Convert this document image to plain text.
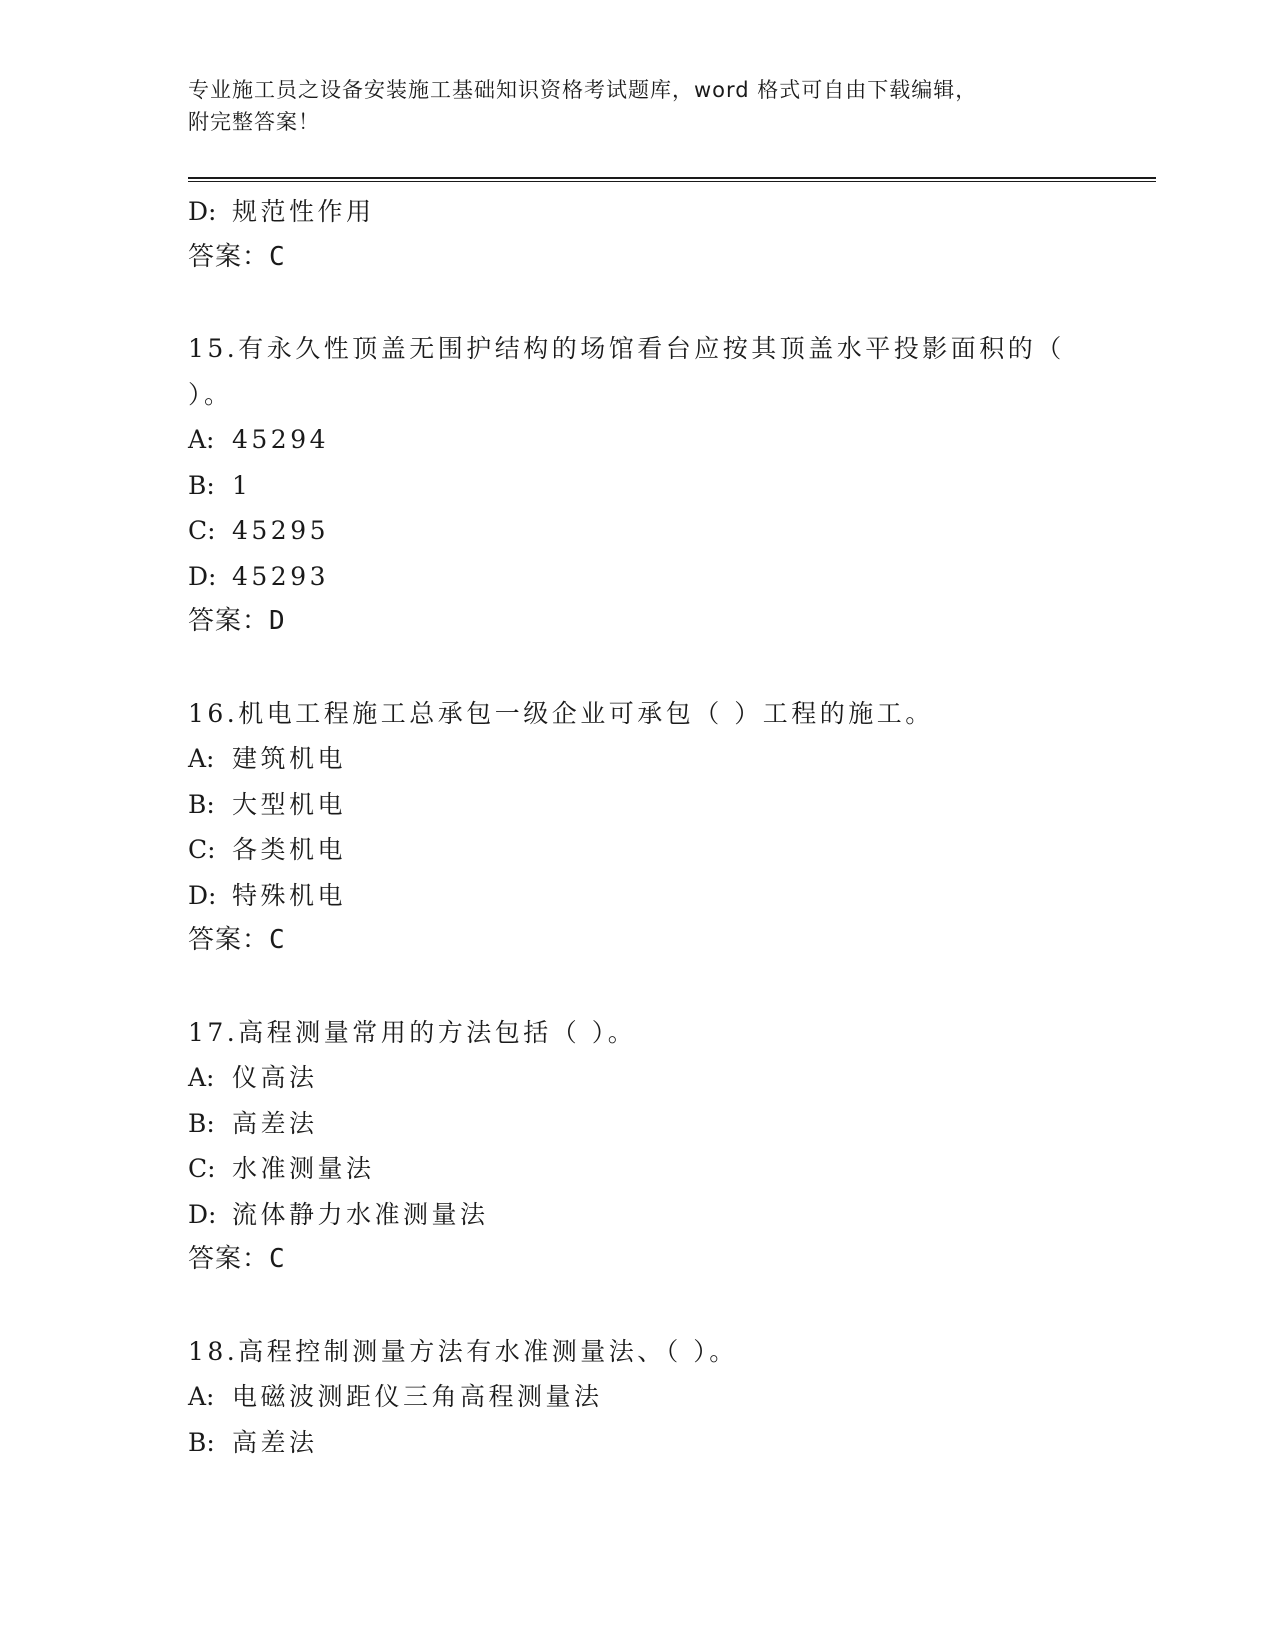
专业施工员之设备安装施工基础知识资格考试题库，word 格式可自由下载编辑，
附完整答案！
D: 规范性作用
答案：C
15.有永久性顶盖无围护结构的场馆看台应按其顶盖水平投影面积的（
）。
A: 45294
B: 1
C: 45295
D: 45293
答案：D
16.机电工程施工总承包一级企业可承包（ ）工程的施工。
A: 建筑机电
B: 大型机电
C: 各类机电
D: 特殊机电
答案：C
17.高程测量常用的方法包括（ ）。
A: 仪高法
B: 高差法
C: 水准测量法
D: 流体静力水准测量法
答案：C
18.高程控制测量方法有水准测量法、（ ）。
A: 电磁波测距仪三角高程测量法
B: 高差法
